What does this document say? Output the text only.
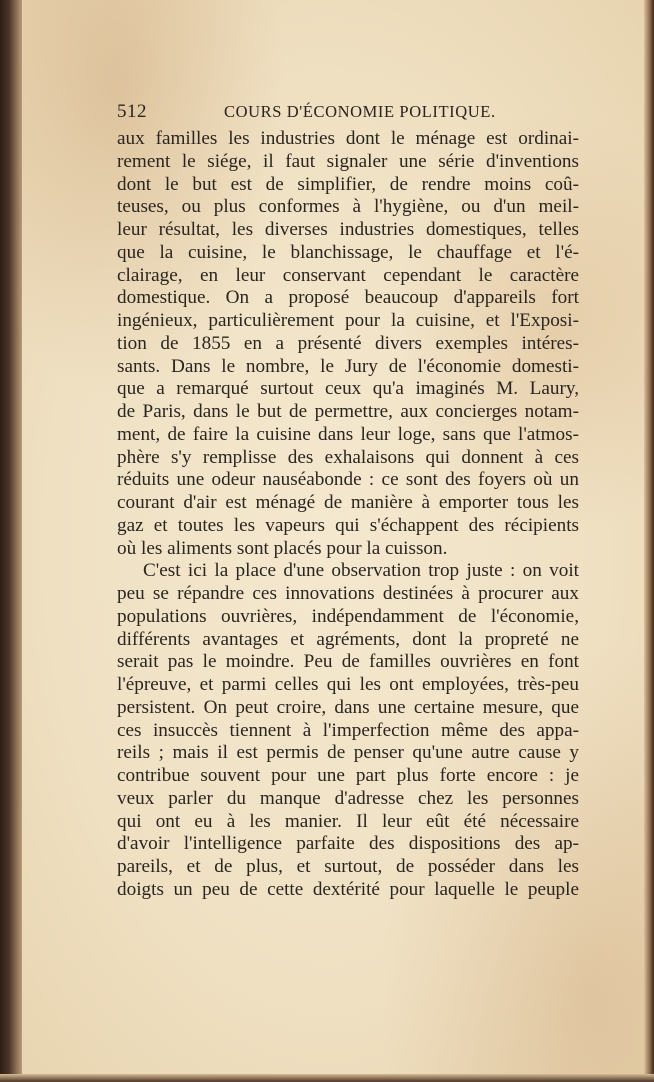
512	COURS D'ÉCONOMIE POLITIQUE.
aux familles les industries dont le ménage est ordinai-
rement le siége, il faut signaler une série d'inventions
dont le but est de simplifier, de rendre moins coû-
teuses, ou plus conformes à l'hygiène, ou d'un meil-
leur résultat, les diverses industries domestiques, telles
que la cuisine, le blanchissage, le chauffage et l'é-
clairage, en leur conservant cependant le caractère
domestique. On a proposé beaucoup d'appareils fort
ingénieux, particulièrement pour la cuisine, et l'Exposi-
tion de 1855 en a présenté divers exemples intéres-
sants. Dans le nombre, le Jury de l'économie domesti-
que a remarqué surtout ceux qu'a imaginés M. Laury,
de Paris, dans le but de permettre, aux concierges notam-
ment, de faire la cuisine dans leur loge, sans que l'atmos-
phère s'y remplisse des exhalaisons qui donnent à ces
réduits une odeur nauséabonde : ce sont des foyers où un
courant d'air est ménagé de manière à emporter tous les
gaz et toutes les vapeurs qui s'échappent des récipients
où les aliments sont placés pour la cuisson.
C'est ici la place d'une observation trop juste : on voit
peu se répandre ces innovations destinées à procurer aux
populations ouvrières, indépendamment de l'économie,
différents avantages et agréments, dont la propreté ne
serait pas le moindre. Peu de familles ouvrières en font
l'épreuve, et parmi celles qui les ont employées, très-peu
persistent. On peut croire, dans une certaine mesure, que
ces insuccès tiennent à l'imperfection même des appa-
reils ; mais il est permis de penser qu'une autre cause y
contribue souvent pour une part plus forte encore : je
veux parler du manque d'adresse chez les personnes
qui ont eu à les manier. Il leur eût été nécessaire
d'avoir l'intelligence parfaite des dispositions des ap-
pareils, et de plus, et surtout, de posséder dans les
doigts un peu de cette dextérité pour laquelle le peuple
